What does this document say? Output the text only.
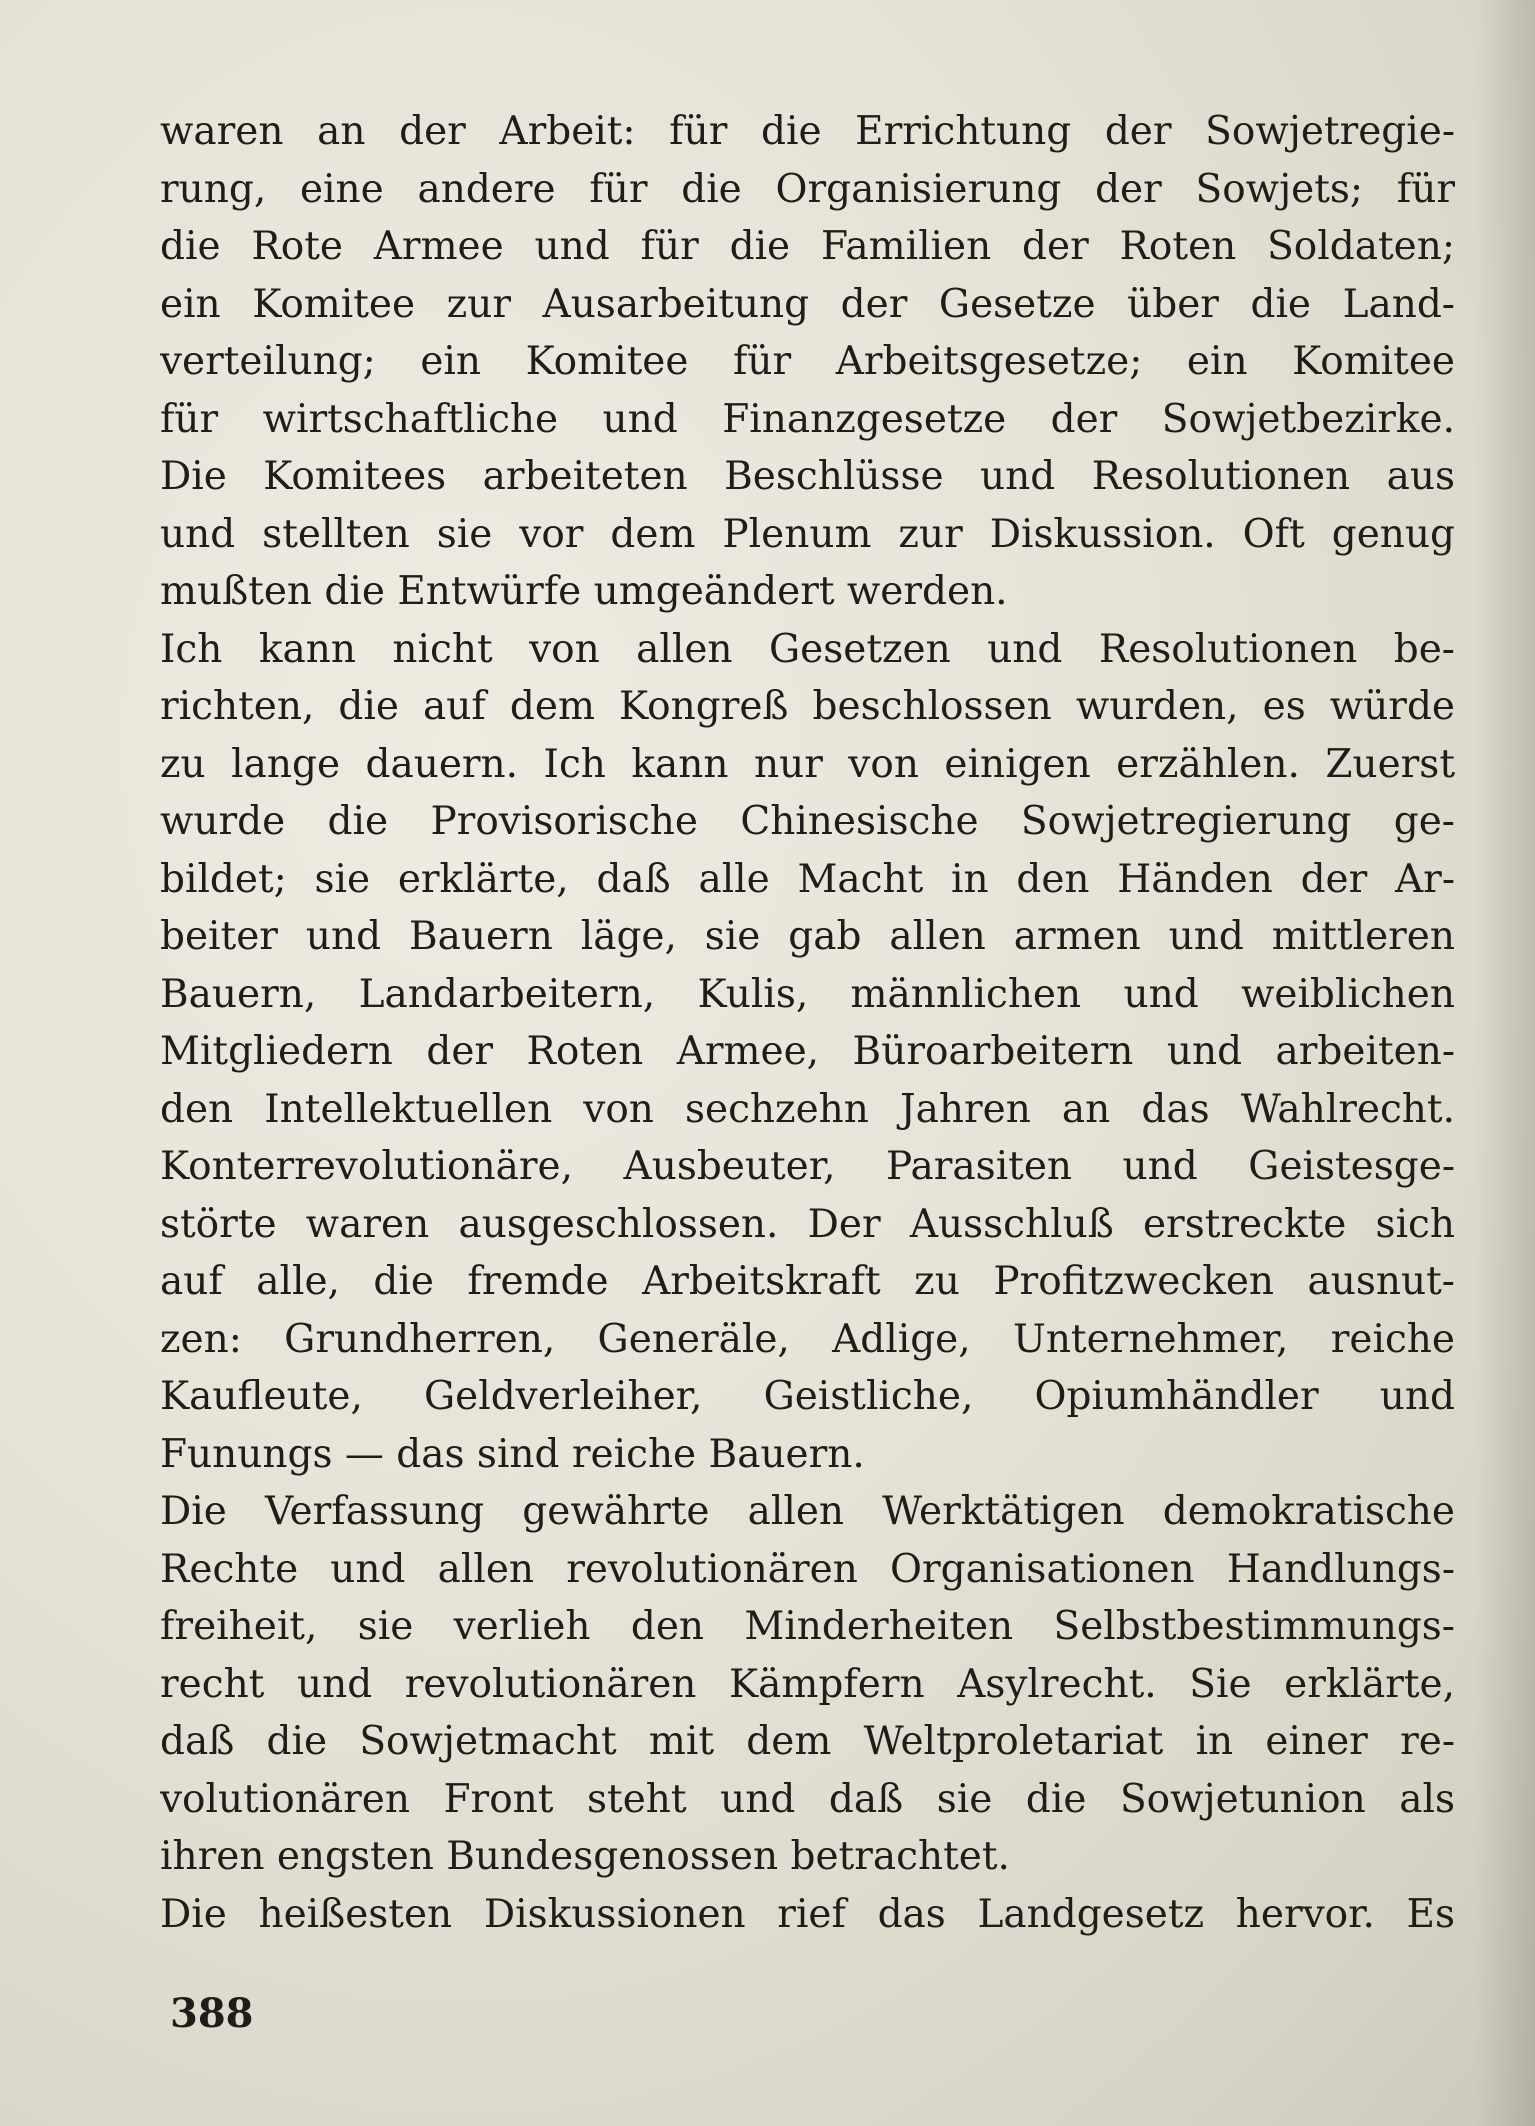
waren an der Arbeit: für die Errichtung der Sowjetregie-
rung, eine andere für die Organisierung der Sowjets; für
die Rote Armee und für die Familien der Roten Soldaten;
ein Komitee zur Ausarbeitung der Gesetze über die Land-
verteilung; ein Komitee für Arbeitsgesetze; ein Komitee
für wirtschaftliche und Finanzgesetze der Sowjetbezirke.
Die Komitees arbeiteten Beschlüsse und Resolutionen aus
und stellten sie vor dem Plenum zur Diskussion. Oft genug
mußten die Entwürfe umgeändert werden.
Ich kann nicht von allen Gesetzen und Resolutionen be-
richten, die auf dem Kongreß beschlossen wurden, es würde
zu lange dauern. Ich kann nur von einigen erzählen. Zuerst
wurde die Provisorische Chinesische Sowjetregierung ge-
bildet; sie erklärte, daß alle Macht in den Händen der Ar-
beiter und Bauern läge, sie gab allen armen und mittleren
Bauern, Landarbeitern, Kulis, männlichen und weiblichen
Mitgliedern der Roten Armee, Büroarbeitern und arbeiten-
den Intellektuellen von sechzehn Jahren an das Wahlrecht.
Konterrevolutionäre, Ausbeuter, Parasiten und Geistesge-
störte waren ausgeschlossen. Der Ausschluß erstreckte sich
auf alle, die fremde Arbeitskraft zu Profitzwecken ausnut-
zen: Grundherren, Generäle, Adlige, Unternehmer, reiche
Kaufleute, Geldverleiher, Geistliche, Opiumhändler und
Funungs — das sind reiche Bauern.
Die Verfassung gewährte allen Werktätigen demokratische
Rechte und allen revolutionären Organisationen Handlungs-
freiheit, sie verlieh den Minderheiten Selbstbestimmungs-
recht und revolutionären Kämpfern Asylrecht. Sie erklärte,
daß die Sowjetmacht mit dem Weltproletariat in einer re-
volutionären Front steht und daß sie die Sowjetunion als
ihren engsten Bundesgenossen betrachtet.
Die heißesten Diskussionen rief das Landgesetz hervor. Es
388
